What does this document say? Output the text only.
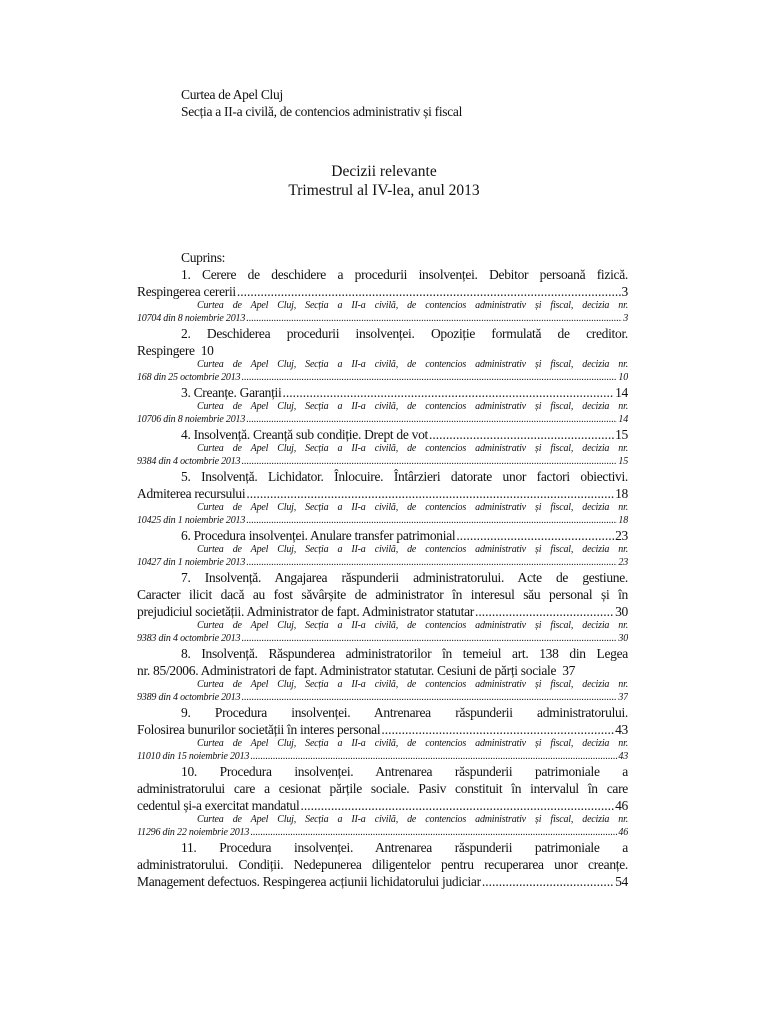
Curtea de Apel Cluj
Secția a II-a civilă, de contencios administrativ și fiscal
Decizii relevante
Trimestrul al IV-lea, anul 2013
Cuprins:
1. Cerere de deschidere a procedurii insolvenței. Debitor persoană fizică.
Respingerea cererii .....	3
Curtea de Apel Cluj, Secția a II-a civilă, de contencios administrativ și fiscal, decizia nr.
10704 din 8 noiembrie 2013 .....	3
2. Deschiderea procedurii insolvenței. Opoziție formulată de creditor.
Respingere 10
Curtea de Apel Cluj, Secția a II-a civilă, de contencios administrativ și fiscal, decizia nr.
168 din 25 octombrie 2013 .....	10
3. Creanțe. Garanții .....	14
Curtea de Apel Cluj, Secția a II-a civilă, de contencios administrativ și fiscal, decizia nr.
10706 din 8 noiembrie 2013 .....	14
4. Insolvență. Creanță sub condiție. Drept de vot .....	15
Curtea de Apel Cluj, Secția a II-a civilă, de contencios administrativ și fiscal, decizia nr.
9384 din 4 octombrie 2013 .....	15
5. Insolvență. Lichidator. Înlocuire. Întârzieri datorate unor factori obiectivi.
Admiterea recursului .....	18
Curtea de Apel Cluj, Secția a II-a civilă, de contencios administrativ și fiscal, decizia nr.
10425 din 1 noiembrie 2013 .....	18
6. Procedura insolvenței. Anulare transfer patrimonial .....	23
Curtea de Apel Cluj, Secția a II-a civilă, de contencios administrativ și fiscal, decizia nr.
10427 din 1 noiembrie 2013 .....	23
7. Insolvență. Angajarea răspunderii administratorului. Acte de gestiune.
Caracter ilicit dacă au fost săvârșite de administrator în interesul său personal și în
prejudiciul societății. Administrator de fapt. Administrator statutar .....	30
Curtea de Apel Cluj, Secția a II-a civilă, de contencios administrativ și fiscal, decizia nr.
9383 din 4 octombrie 2013 .....	30
8. Insolvență. Răspunderea administratorilor în temeiul art. 138 din Legea
nr. 85/2006. Administratori de fapt. Administrator statutar. Cesiuni de părți sociale 37
Curtea de Apel Cluj, Secția a II-a civilă, de contencios administrativ și fiscal, decizia nr.
9389 din 4 octombrie 2013 .....	37
9. Procedura insolvenței. Antrenarea răspunderii administratorului.
Folosirea bunurilor societății în interes personal .....	43
Curtea de Apel Cluj, Secția a II-a civilă, de contencios administrativ și fiscal, decizia nr.
11010 din 15 noiembrie 2013 .....	43
10. Procedura insolvenței. Antrenarea răspunderii patrimoniale a
administratorului care a cesionat părțile sociale. Pasiv constituit în intervalul în care
cedentul și-a exercitat mandatul .....	46
Curtea de Apel Cluj, Secția a II-a civilă, de contencios administrativ și fiscal, decizia nr.
11296 din 22 noiembrie 2013 .....	46
11. Procedura insolvenței. Antrenarea răspunderii patrimoniale a
administratorului. Condiții. Nedepunerea diligentelor pentru recuperarea unor creanțe.
Management defectuos. Respingerea acțiunii lichidatorului judiciar .....	54
